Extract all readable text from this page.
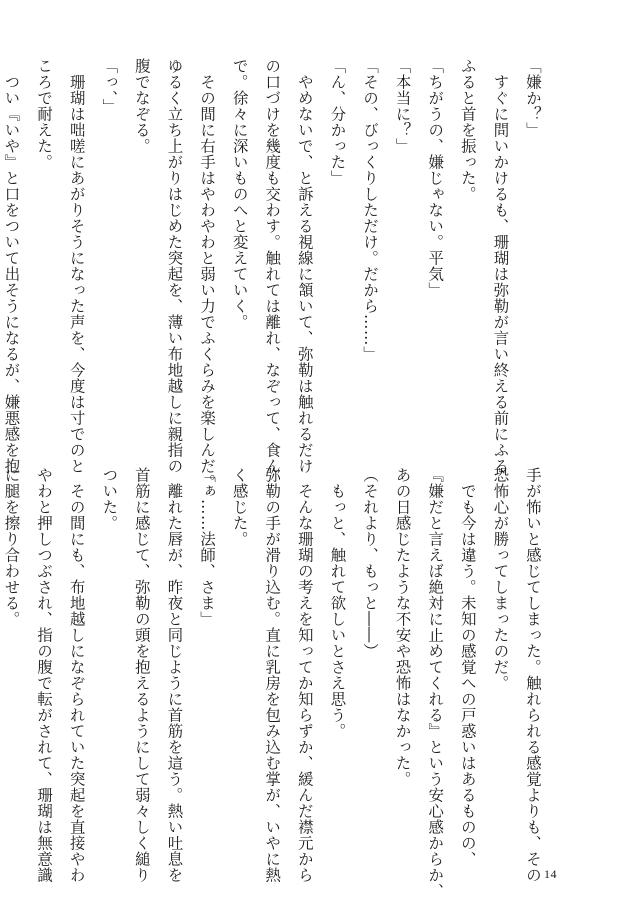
「嫌か？」
　すぐに問いかけるも、珊瑚は弥勒が言い終える前にふる
ふると首を振った。
「ちがうの、嫌じゃない。平気」
「本当に？」
「その、びっくりしただけ。だから……」
「ん、分かった」
　やめないで、と訴える視線に頷いて、弥勒は触れるだけ
の口づけを幾度も交わす。触れては離れ、なぞって、食ん
で。徐々に深いものへと変えていく。
　その間に右手はやわやわと弱い力でふくらみを楽しんだ。
ゆるく立ち上がりはじめた突起を、薄い布地越しに親指の
腹でなぞる。
「っ、」
　珊瑚は咄嗟にあがりそうになった声を、今度は寸でのと
ころで耐えた。
　つい『いや』と口をついて出そうになるが、嫌悪感を抱
手が怖いと感じてしまった。触れられる感覚よりも、その
恐怖心が勝ってしまったのだ。
　でも今は違う。未知の感覚への戸惑いはあるものの、
『嫌だと言えば絶対に止めてくれる』という安心感からか、
あの日感じたような不安や恐怖はなかった。
（それより、もっと――）
　もっと、触れて欲しいとさえ思う。
　そんな珊瑚の考えを知ってか知らずか、緩んだ襟元から
弥勒の手が滑り込む。直に乳房を包み込む掌が、いやに熱
く感じた。
「ぁ……法師、さま」
　離れた唇が、昨夜と同じように首筋を這う。熱い吐息を
首筋に感じて、弥勒の頭を抱えるようにして弱々しく縋り
ついた。
　その間にも、布地越しになぞられていた突起を直接やわ
やわと押しつぶされ、指の腹で転がされて、珊瑚は無意識
に腿を擦り合わせる。
14
